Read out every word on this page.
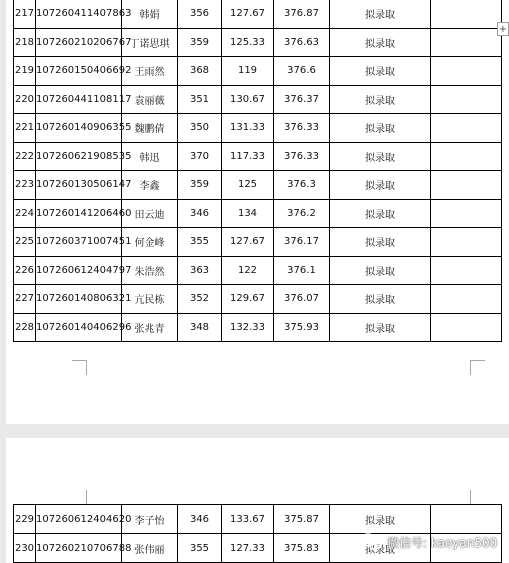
217	107260411407863	韩娟	356	127.67	376.87	拟录取	
218	107260210206767	丁诺思琪	359	125.33	376.63	拟录取	
219	107260150406692	王雨然	368	119	376.6	拟录取	
220	107260441108117	袁丽薇	351	130.67	376.37	拟录取	
221	107260140906355	魏鹏倩	350	131.33	376.33	拟录取	
222	107260621908535	韩迅	370	117.33	376.33	拟录取	
223	107260130506147	李鑫	359	125	376.3	拟录取	
224	107260141206460	田云迪	346	134	376.2	拟录取	
225	107260371007451	何金峰	355	127.67	376.17	拟录取	
226	107260612404797	朱浩然	363	122	376.1	拟录取	
227	107260140806321	亢民栋	352	129.67	376.07	拟录取	
228	107260140406296	张兆青	348	132.33	375.93	拟录取	
+
229	107260612404620	李子怡	346	133.67	375.87	拟录取	
230	107260210706788	张伟丽	355	127.33	375.83	拟录取	
微信号: kaoyan500
